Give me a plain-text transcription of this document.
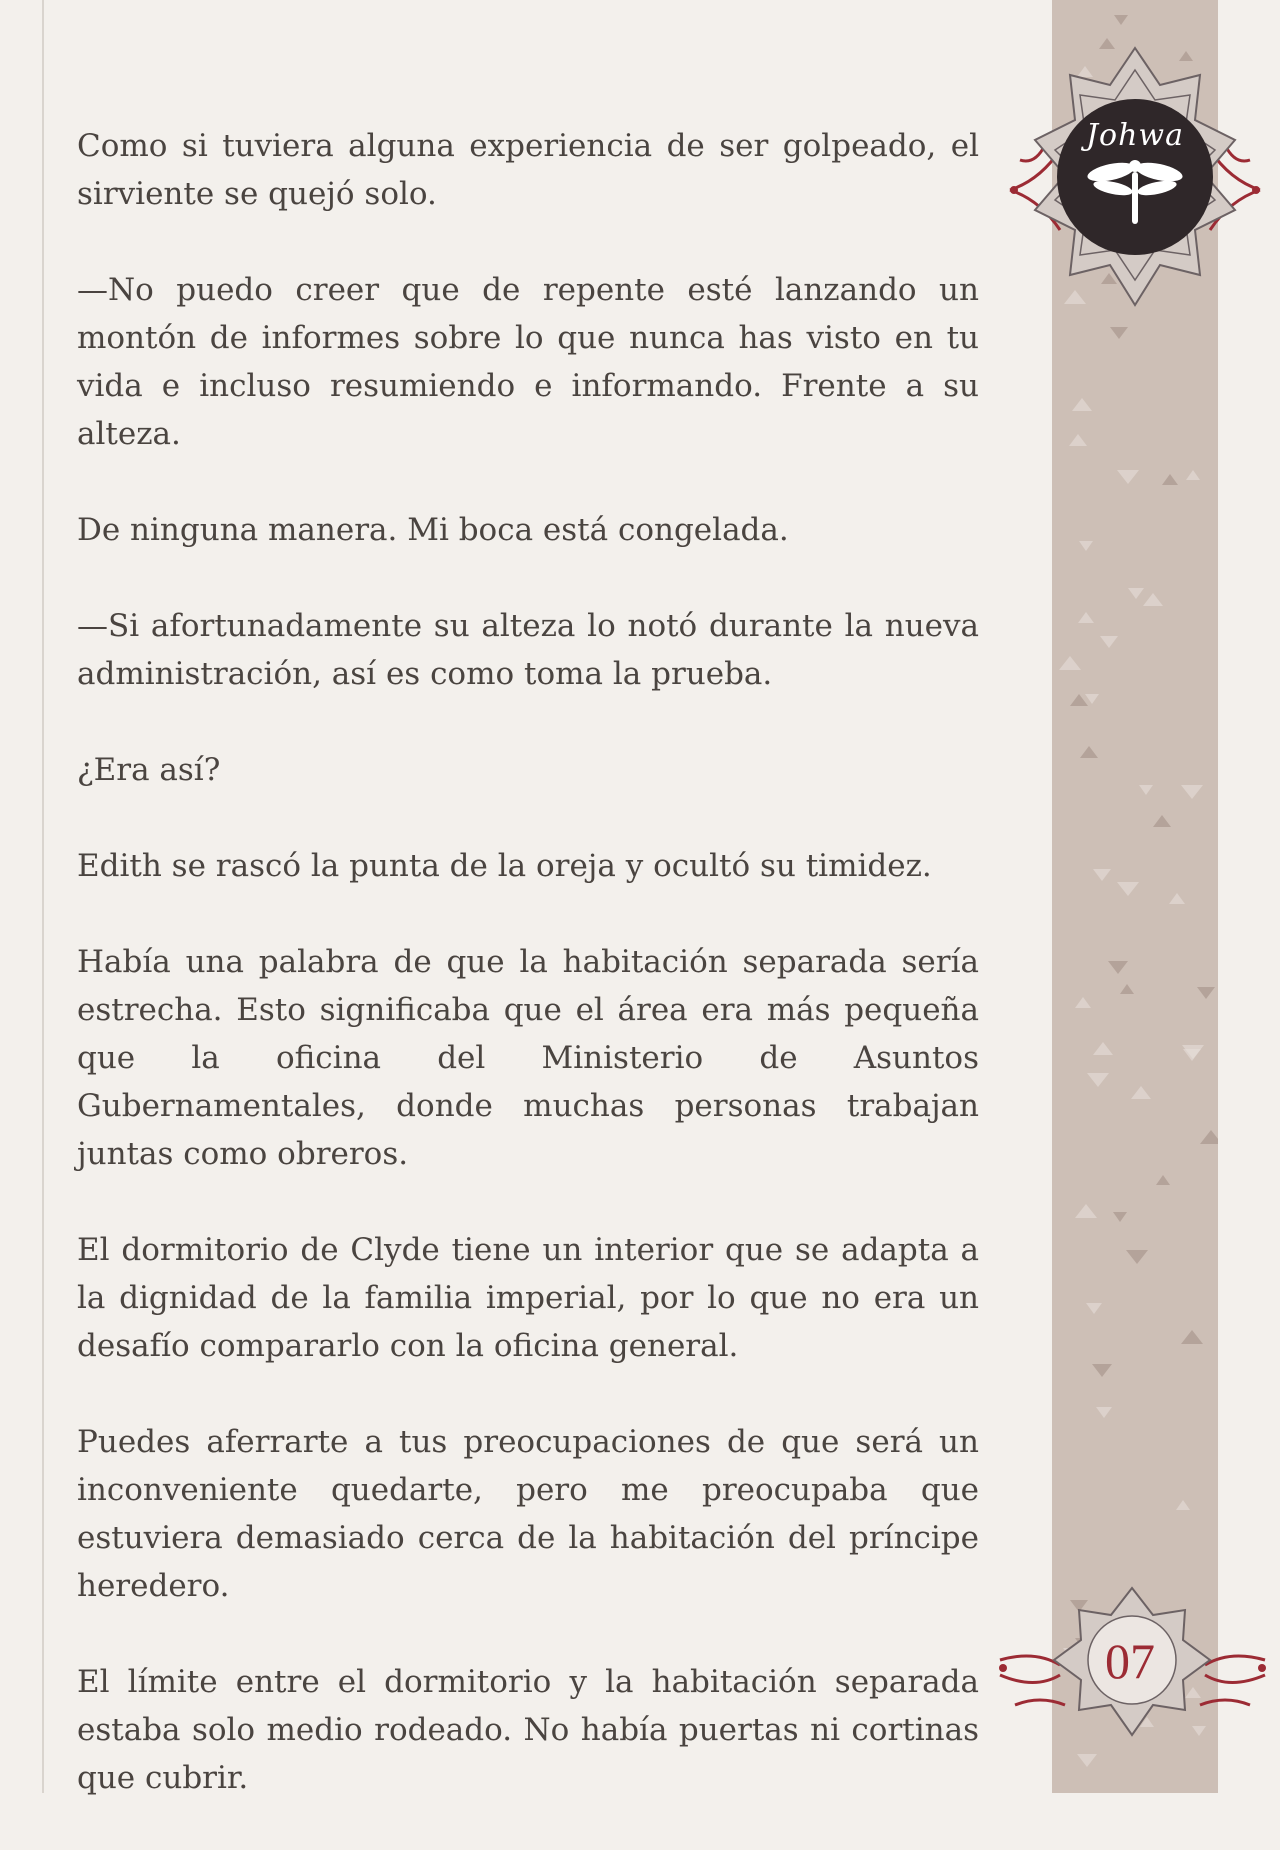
Como si tuviera alguna experiencia de ser golpeado, el sirviente se quejó solo.

—No puedo creer que de repente esté lanzando un montón de informes sobre lo que nunca has visto en tu vida e incluso resumiendo e informando. Frente a su alteza.

De ninguna manera. Mi boca está congelada.

—Si afortunadamente su alteza lo notó durante la nueva administración, así es como toma la prueba.

¿Era así?

Edith se rascó la punta de la oreja y ocultó su timidez.

Había una palabra de que la habitación separada sería estrecha. Esto significaba que el área era más pequeña que la oficina del Ministerio de Asuntos Gubernamentales, donde muchas personas trabajan juntas como obreros.

El dormitorio de Clyde tiene un interior que se adapta a la dignidad de la familia imperial, por lo que no era un desafío compararlo con la oficina general.

Puedes aferrarte a tus preocupaciones de que será un inconveniente quedarte, pero me preocupaba que estuviera demasiado cerca de la habitación del príncipe heredero.

El límite entre el dormitorio y la habitación separada estaba solo medio rodeado. No había puertas ni cortinas que cubrir.

Johwa
07
